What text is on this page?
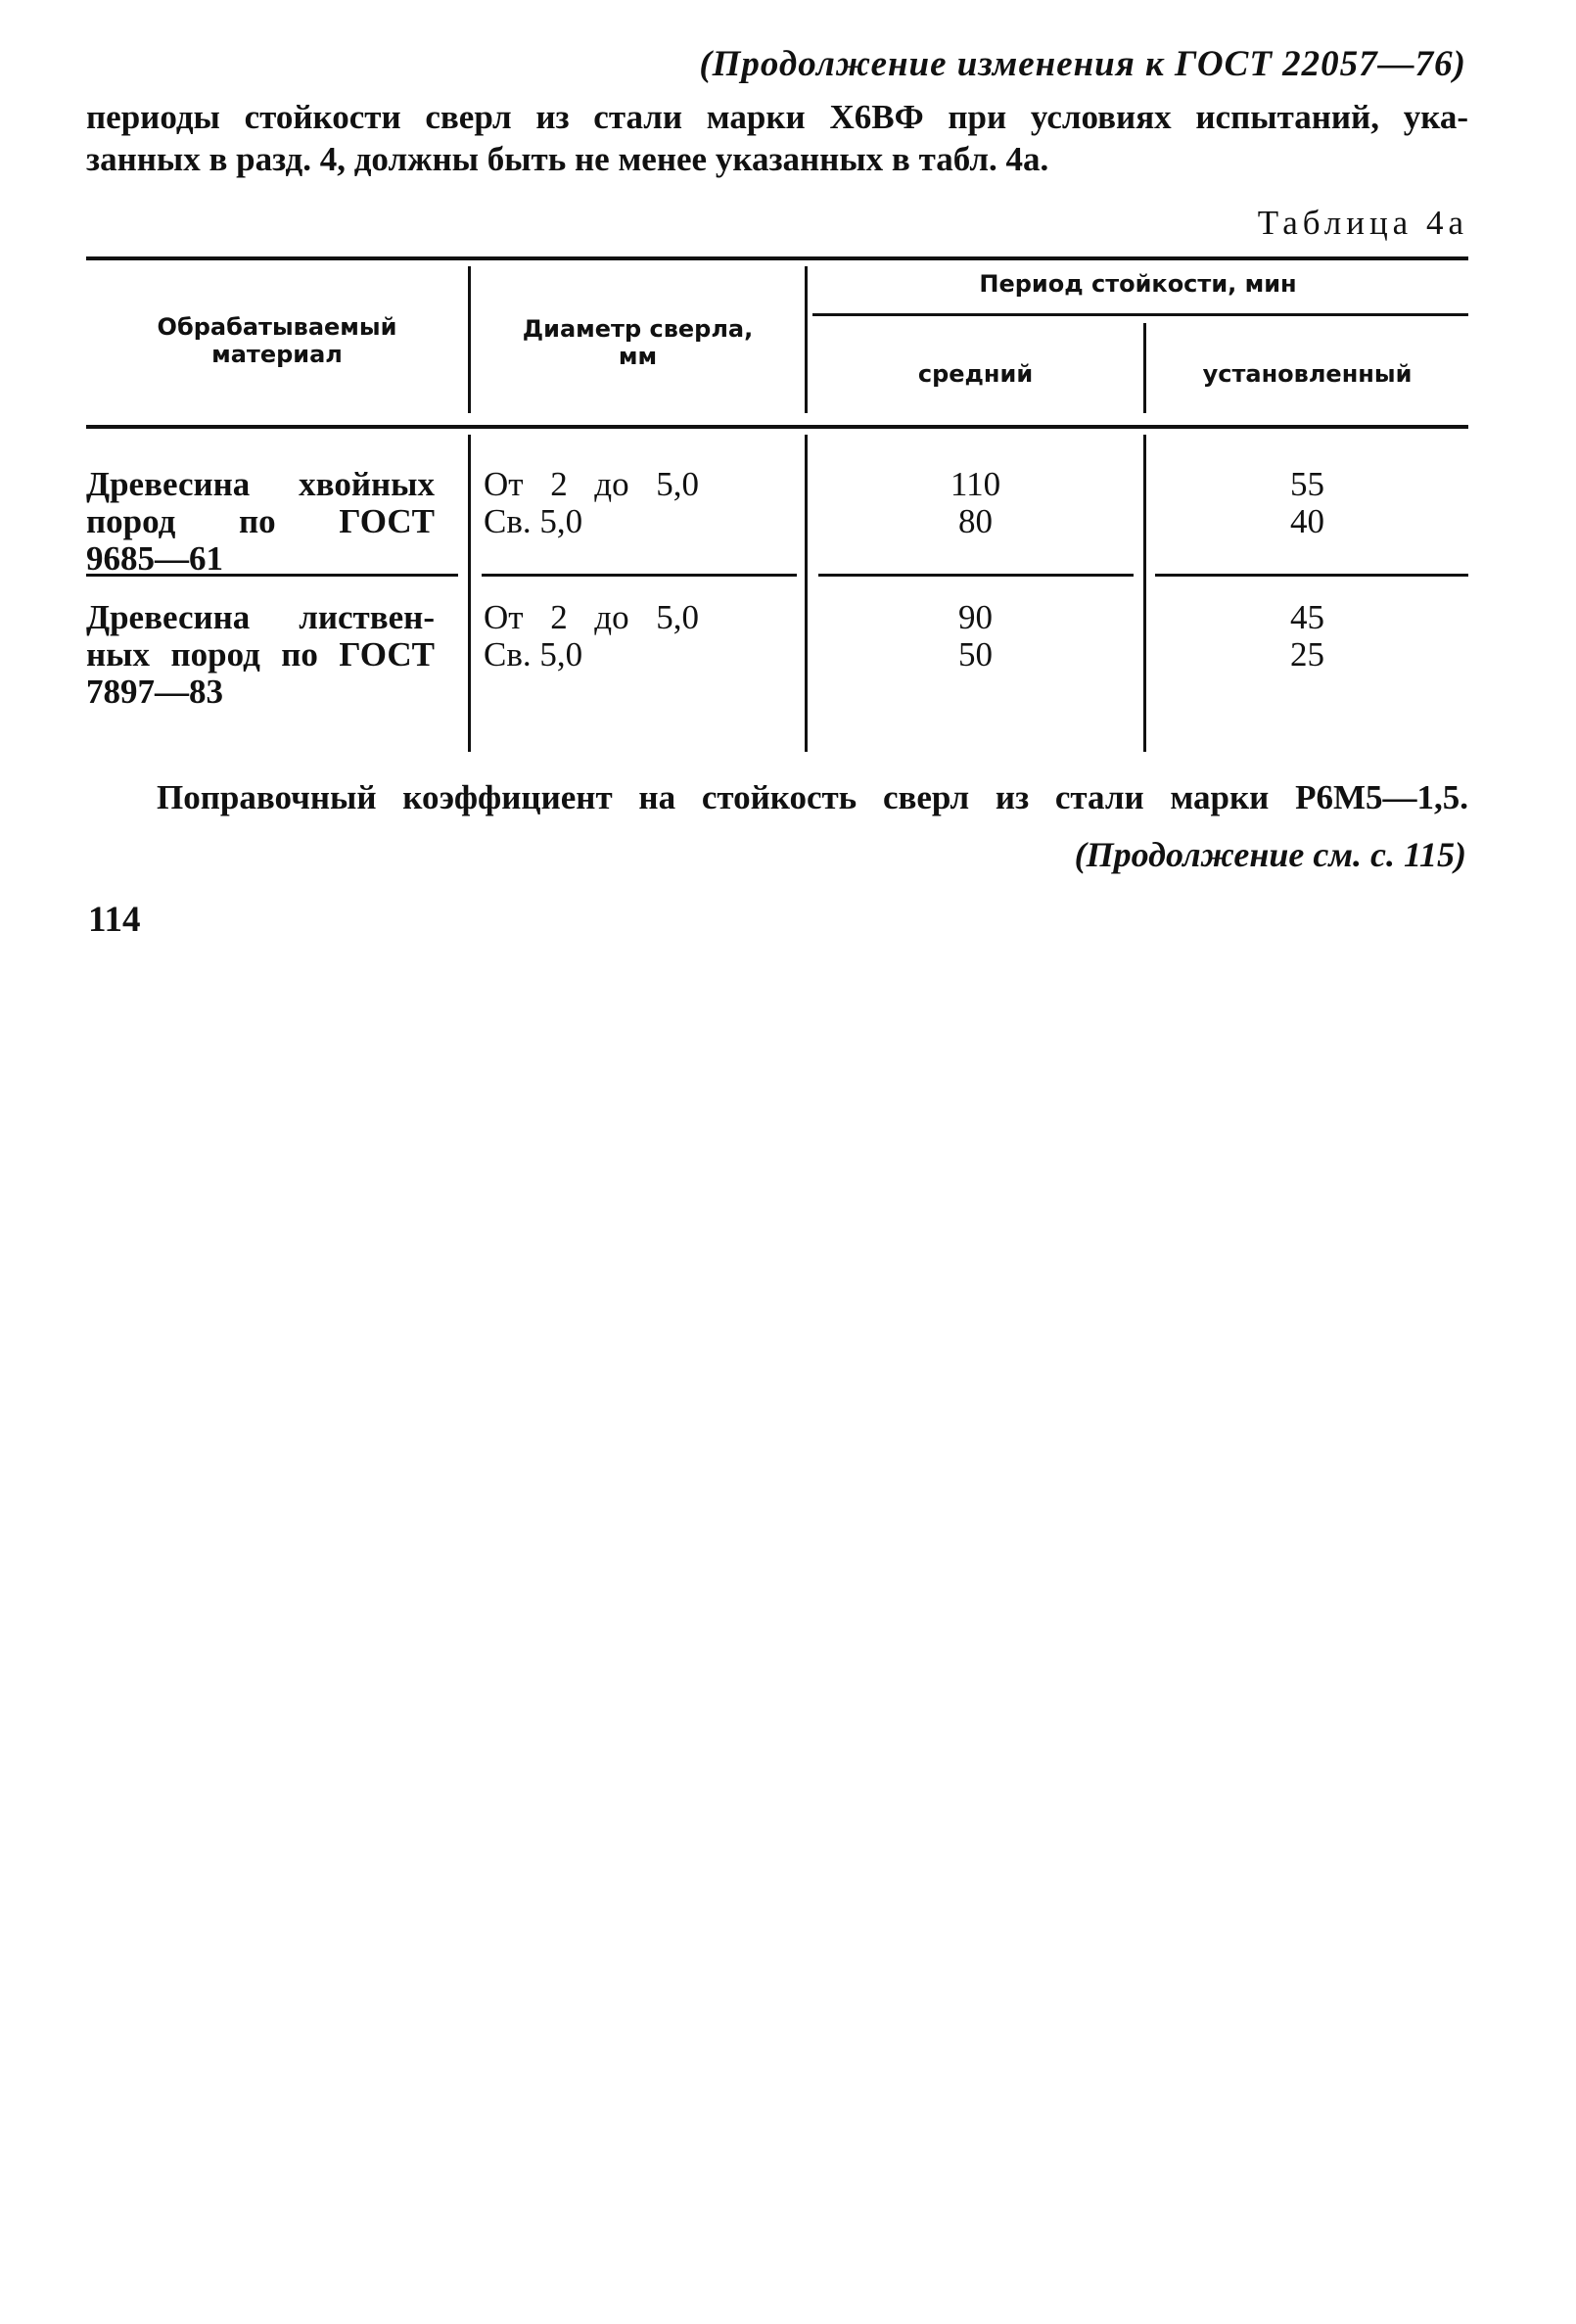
(Продолжение изменения к ГОСТ 22057—76)
периоды стойкости сверл из стали марки Х6ВФ при условиях испытаний, ука-
занных в разд. 4, должны быть не менее указанных в табл. 4а.
Таблица 4а
Обрабатываемый
материал
Диаметр сверла,
мм
Период стойкости, мин
средний	установленный
Древесина хвойных
пород по ГОСТ
9685—61
От 2 до 5,0
Св. 5,0
110
80
55
40
Древесина листвен-
ных пород по ГОСТ
7897—83
От 2 до 5,0
Св. 5,0
90
50
45
25
Поправочный коэффициент на стойкость сверл из стали марки Р6М5—1,5.
(Продолжение см. с. 115)
114
